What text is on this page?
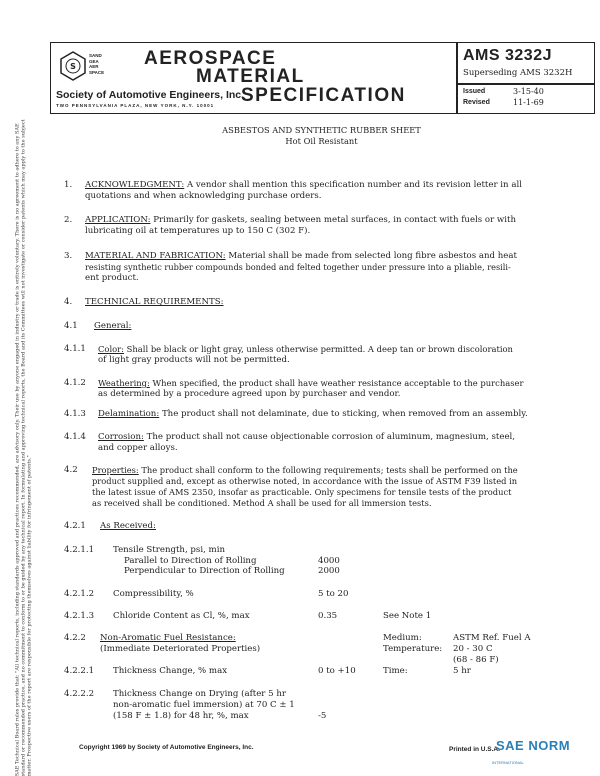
S
SAND
GEA
AER
SPACE
AEROSPACE
MATERIAL
SPECIFICATION
Society of Automotive Engineers, Inc.
TWO PENNSYLVANIA PLAZA, NEW YORK, N.Y. 10001
AMS 3232J
Superseding AMS 3232H
Issued	3-15-40
Revised	11-1-69
SAE Technical Board rules provide that: "All technical reports, including standards approved and practices recommended, are advisory only. Their use by anyone engaged in industry or trade is entirely voluntary. There is no agreement to adhere to any SAE standard or recommended practice, and no commitment to conform to or be guided by any technical report. In formulating and approving technical reports, the Board and its Committees will not investigate or consider patents which may apply to the subject matter. Prospective users of the report are responsible for protecting themselves against liability for infringement of patents."
ASBESTOS AND SYNTHETIC RUBBER SHEET
Hot Oil Resistant
1. ACKNOWLEDGMENT: A vendor shall mention this specification number and its revision letter in all
quotations and when acknowledging purchase orders.
2. APPLICATION: Primarily for gaskets, sealing between metal surfaces, in contact with fuels or with
lubricating oil at temperatures up to 150 C (302 F).
3. MATERIAL AND FABRICATION: Material shall be made from selected long fibre asbestos and heat
resisting synthetic rubber compounds bonded and felted together under pressure into a pliable, resili-
ent product.
4. TECHNICAL REQUIREMENTS:
4.1 General:
4.1.1 Color: Shall be black or light gray, unless otherwise permitted. A deep tan or brown discoloration
of light gray products will not be permitted.
4.1.2 Weathering: When specified, the product shall have weather resistance acceptable to the purchaser
as determined by a procedure agreed upon by purchaser and vendor.
4.1.3 Delamination: The product shall not delaminate, due to sticking, when removed from an assembly.
4.1.4 Corrosion: The product shall not cause objectionable corrosion of aluminum, magnesium, steel,
and copper alloys.
4.2 Properties: The product shall conform to the following requirements; tests shall be performed on the
product supplied and, except as otherwise noted, in accordance with the issue of ASTM F39 listed in
the latest issue of AMS 2350, insofar as practicable. Only specimens for tensile tests of the product
as received shall be conditioned. Method A shall be used for all immersion tests.
4.2.1 As Received:
4.2.1.1 Tensile Strength, psi, min
Parallel to Direction of Rolling	4000
Perpendicular to Direction of Rolling	2000
4.2.1.2 Compressibility, %	5 to 20
4.2.1.3 Chloride Content as Cl, %, max	0.35	See Note 1
4.2.2 Non-Aromatic Fuel Resistance:
(Immediate Deteriorated Properties)
Medium:	ASTM Ref. Fuel A
Temperature: 20 - 30 C
(68 - 86 F)
4.2.2.1 Thickness Change, % max	0 to +10	Time:	5 hr
4.2.2.2 Thickness Change on Drying (after 5 hr
non-aromatic fuel immersion) at 70 C ± 1
(158 F ± 1.8) for 48 hr, %, max	-5
Copyright 1969 by Society of Automotive Engineers, Inc.	Printed in U.S.A.
SAE NORM
INTERNATIONAL
